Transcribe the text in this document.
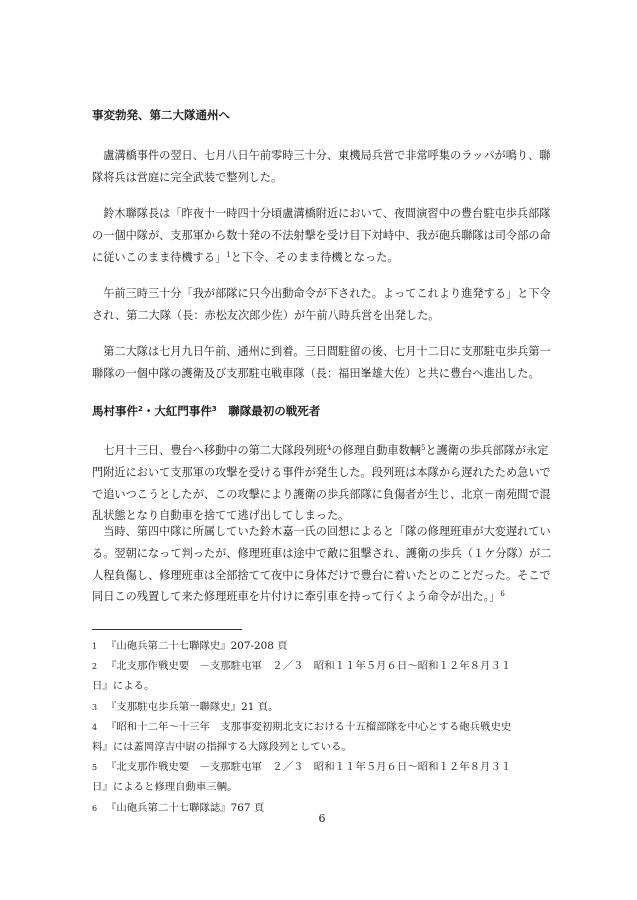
事変勃発、第二大隊通州へ
　盧溝橋事件の翌日、七月八日午前零時三十分、東機局兵営で非常呼集のラッパが鳴り、聯
隊将兵は営庭に完全武装で整列した。
　鈴木聯隊長は「昨夜十一時四十分頃盧溝橋附近において、夜間演習中の豊台駐屯歩兵部隊
の一個中隊が、支那軍から数十発の不法射撃を受け目下対峙中、我が砲兵聯隊は司令部の命
に従いこのまま待機する」$^1$と下令、そのまま待機となった。
　午前三時三十分「我が部隊に只今出動命令が下された。よってこれより進発する」と下令
され、第二大隊（長：赤松友次郎少佐）が午前八時兵営を出発した。
　第二大隊は七月九日午前、通州に到着。三日間駐留の後、七月十二日に支那駐屯歩兵第一
聯隊の一個中隊の護衛及び支那駐屯戦車隊（長：福田峯雄大佐）と共に豊台へ進出した。
馬村事件$^2$・大紅門事件$^3$　聯隊最初の戦死者
　七月十三日、豊台へ移動中の第二大隊段列班$^4$の修理自動車数輌$^5$と護衛の歩兵部隊が永定
門附近において支那軍の攻撃を受ける事件が発生した。段列班は本隊から遅れたため急いで
で追いつこうとしたが、この攻撃により護衛の歩兵部隊に負傷者が生じ、北京－南苑間で混
乱状態となり自動車を捨てて逃げ出してしまった。
　当時、第四中隊に所属していた鈴木嘉一氏の回想によると「隊の修理班車が大変遅れてい
る。翌朝になって判ったが、修理班車は途中で敵に狙撃され、護衛の歩兵（１ケ分隊）が二
人程負傷し、修理班車は全部捨てて夜中に身体だけで豊台に着いたとのことだった。そこで
同日この残置して来た修理班車を片付けに牽引車を持って行くよう命令が出た。」$^6$
1 『山砲兵第二十七聯隊史』207-208 頁
2 『北支那作戦史要　－支那駐屯軍　２／３　昭和１１年５月６日～昭和１２年８月３１
日』による。
3 『支那駐屯歩兵第一聯隊史』21 頁。
4 『昭和十二年～十三年　支那事変初期北支における十五榴部隊を中心とする砲兵戦史史
料』には蓋岡淳吉中尉の指揮する大隊段列としている。
5 『北支那作戦史要　－支那駐屯軍　２／３　昭和１１年５月６日～昭和１２年８月３１
日』によると修理自動車三輌。
6 『山砲兵第二十七聯隊誌』767 頁
6
